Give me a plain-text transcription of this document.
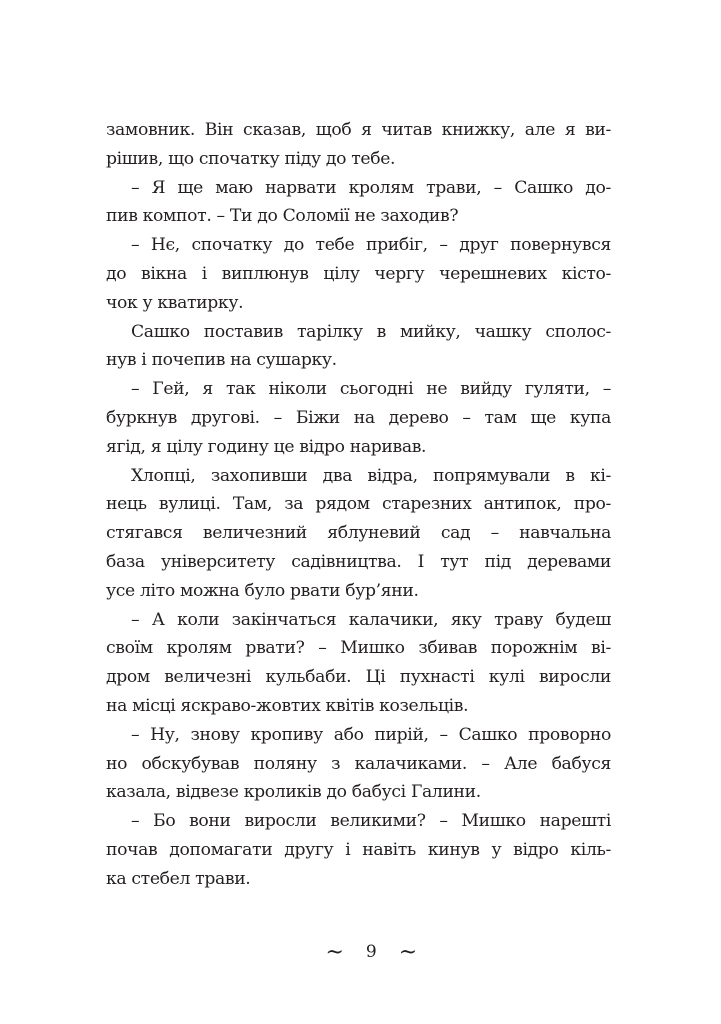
замовник. Він сказав, щоб я читав книжку, але я ви-
рішив, що спочатку піду до тебе.
– Я ще маю нарвати кролям трави, – Сашко до-
пив компот. – Ти до Соломії не заходив?
– Нє, спочатку до тебе прибіг, – друг повернувся
до вікна і виплюнув цілу чергу черешневих кісто-
чок у кватирку.
Сашко поставив тарілку в мийку, чашку сполос-
нув і почепив на сушарку.
– Гей, я так ніколи сьогодні не вийду гуляти, –
буркнув другові. – Біжи на дерево – там ще купа
ягід, я цілу годину це відро наривав.
Хлопці, захопивши два відра, попрямували в кі-
нець вулиці. Там, за рядом старезних антипок, про-
стягався величезний яблуневий сад – навчальна
база університету садівництва. І тут під деревами
усе літо можна було рвати бур’яни.
– А коли закінчаться калачики, яку траву будеш
своїм кролям рвати? – Мишко збивав порожнім ві-
дром величезні кульбаби. Ці пухнасті кулі виросли
на місці яскраво-жовтих квітів козельців.
– Ну, знову кропиву або пирій, – Сашко проворно
но обскубував поляну з калачиками. – Але бабуся
казала, відвезе кроликів до бабусі Галини.
– Бо вони виросли великими? – Мишко нарешті
почав допомагати другу і навіть кинув у відро кіль-
ка стебел трави.

~ 9 ~
